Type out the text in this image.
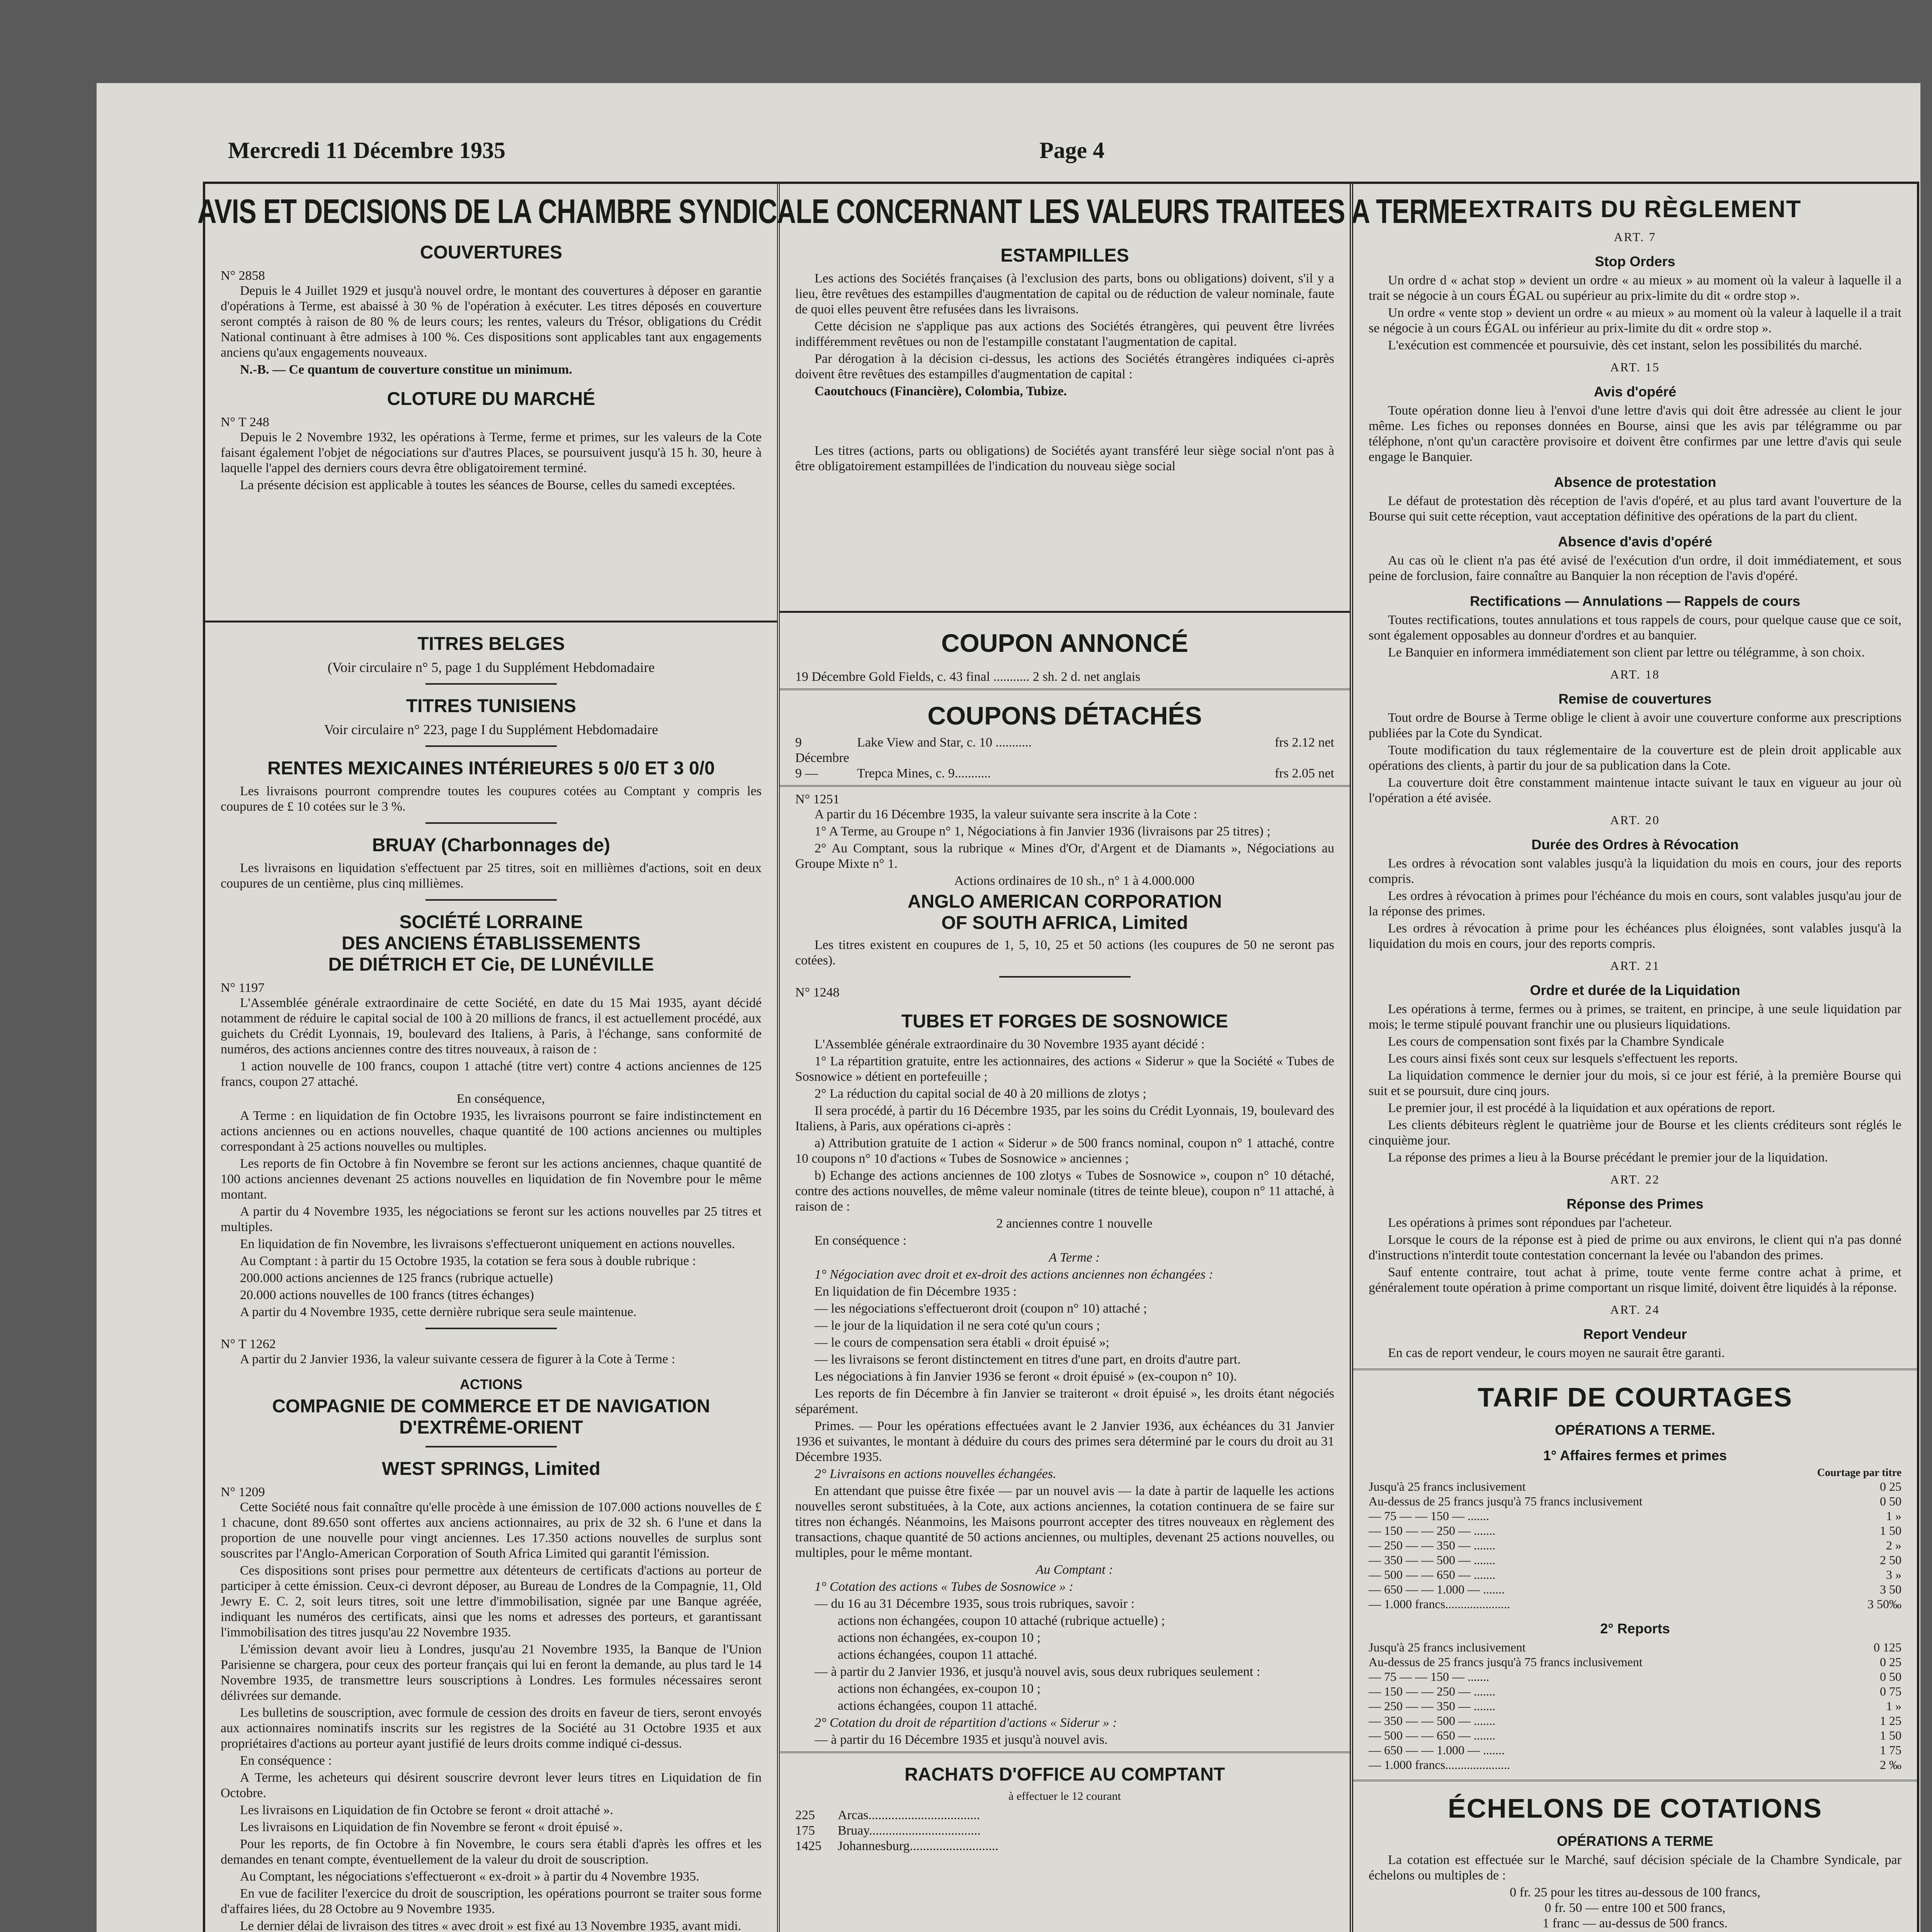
Mercredi 11 Décembre 1935	Page 4
AVIS ET DECISIONS DE LA CHAMBRE SYNDICALE CONCERNANT LES VALEURS TRAITEES A TERME
COUVERTURES
N° 2858

Depuis le 4 Juillet 1929 et jusqu'à nouvel ordre, le montant des couvertures à déposer en garantie d'opérations à Terme, est abaissé à 30 % de l'opération à exécuter. Les titres déposés en couverture seront comptés à raison de 80 % de leurs cours; les rentes, valeurs du Trésor, obligations du Crédit National continuant à être admises à 100 %. Ces dispositions sont applicables tant aux engagements anciens qu'aux engagements nouveaux.

N.-B. — Ce quantum de couverture constitue un minimum.

CLOTURE DU MARCHÉ
N° T 248

Depuis le 2 Novembre 1932, les opérations à Terme, ferme et primes, sur les valeurs de la Cote faisant également l'objet de négociations sur d'autres Places, se poursuivent jusqu'à 15 h. 30, heure à laquelle l'appel des derniers cours devra être obligatoirement terminé.

La présente décision est applicable à toutes les séances de Bourse, celles du samedi exceptées.

TITRES BELGES
(Voir circulaire n° 5, page 1 du Supplément Hebdomadaire
TITRES TUNISIENS
Voir circulaire n° 223, page I du Supplément Hebdomadaire
RENTES MEXICAINES INTÉRIEURES 5 0/0 ET 3 0/0

Les livraisons pourront comprendre toutes les coupures cotées au Comptant y compris les coupures de £ 10 cotées sur le 3 %.

BRUAY (Charbonnages de)

Les livraisons en liquidation s'effectuent par 25 titres, soit en millièmes d'actions, soit en deux coupures de un centième, plus cinq millièmes.

SOCIÉTÉ LORRAINE
DES ANCIENS ÉTABLISSEMENTS
DE DIÉTRICH ET Cie, DE LUNÉVILLE
N° 1197

L'Assemblée générale extraordinaire de cette Société, en date du 15 Mai 1935, ayant décidé notamment de réduire le capital social de 100 à 20 millions de francs, il est actuellement procédé, aux guichets du Crédit Lyonnais, 19, boulevard des Italiens, à Paris, à l'échange, sans conformité de numéros, des actions anciennes contre des titres nouveaux, à raison de :

1 action nouvelle de 100 francs, coupon 1 attaché (titre vert) contre 4 actions anciennes de 125 francs, coupon 27 attaché.

En conséquence,

A Terme : en liquidation de fin Octobre 1935, les livraisons pourront se faire indistinctement en actions anciennes ou en actions nouvelles, chaque quantité de 100 actions anciennes ou multiples correspondant à 25 actions nouvelles ou multiples.

Les reports de fin Octobre à fin Novembre se feront sur les actions anciennes, chaque quantité de 100 actions anciennes devenant 25 actions nouvelles en liquidation de fin Novembre pour le même montant.

A partir du 4 Novembre 1935, les négociations se feront sur les actions nouvelles par 25 titres et multiples.

En liquidation de fin Novembre, les livraisons s'effectueront uniquement en actions nouvelles.

Au Comptant : à partir du 15 Octobre 1935, la cotation se fera sous à double rubrique :

200.000 actions anciennes de 125 francs (rubrique actuelle)

20.000 actions nouvelles de 100 francs (titres échanges)

A partir du 4 Novembre 1935, cette dernière rubrique sera seule maintenue.

N° T 1262

A partir du 2 Janvier 1936, la valeur suivante cessera de figurer à la Cote à Terme :

ACTIONS
COMPAGNIE DE COMMERCE ET DE NAVIGATION D'EXTRÊME-ORIENT
WEST SPRINGS, Limited
N° 1209

Cette Société nous fait connaître qu'elle procède à une émission de 107.000 actions nouvelles de £ 1 chacune, dont 89.650 sont offertes aux anciens actionnaires, au prix de 32 sh. 6 l'une et dans la proportion de une nouvelle pour vingt anciennes. Les 17.350 actions nouvelles de surplus sont souscrites par l'Anglo-American Corporation of South Africa Limited qui garantit l'émission.

Ces dispositions sont prises pour permettre aux détenteurs de certificats d'actions au porteur de participer à cette émission. Ceux-ci devront déposer, au Bureau de Londres de la Compagnie, 11, Old Jewry E. C. 2, soit leurs titres, soit une lettre d'immobilisation, signée par une Banque agréée, indiquant les numéros des certificats, ainsi que les noms et adresses des porteurs, et garantissant l'immobilisation des titres jusqu'au 22 Novembre 1935.

L'émission devant avoir lieu à Londres, jusqu'au 21 Novembre 1935, la Banque de l'Union Parisienne se chargera, pour ceux des porteur français qui lui en feront la demande, au plus tard le 14 Novembre 1935, de transmettre leurs souscriptions à Londres. Les formules nécessaires seront délivrées sur demande.

Les bulletins de souscription, avec formule de cession des droits en faveur de tiers, seront envoyés aux actionnaires nominatifs inscrits sur les registres de la Société au 31 Octobre 1935 et aux propriétaires d'actions au porteur ayant justifié de leurs droits comme indiqué ci-dessus.

En conséquence :

A Terme, les acheteurs qui désirent souscrire devront lever leurs titres en Liquidation de fin Octobre.

Les livraisons en Liquidation de fin Octobre se feront « droit attaché ».

Les livraisons en Liquidation de fin Novembre se feront « droit épuisé ».

Pour les reports, de fin Octobre à fin Novembre, le cours sera établi d'après les offres et les demandes en tenant compte, éventuellement de la valeur du droit de souscription.

Au Comptant, les négociations s'effectueront « ex-droit » à partir du 4 Novembre 1935.

En vue de faciliter l'exercice du droit de souscription, les opérations pourront se traiter sous forme d'affaires liées, du 28 Octobre au 9 Novembre 1935.

Le dernier délai de livraison des titres « avec droit » est fixé au 13 Novembre 1935, avant midi.

ESTAMPILLES

Les actions des Sociétés françaises (à l'exclusion des parts, bons ou obligations) doivent, s'il y a lieu, être revêtues des estampilles d'augmentation de capital ou de réduction de valeur nominale, faute de quoi elles peuvent être refusées dans les livraisons.

Cette décision ne s'applique pas aux actions des Sociétés étrangères, qui peuvent être livrées indifféremment revêtues ou non de l'estampille constatant l'augmentation de capital.

Par dérogation à la décision ci-dessus, les actions des Sociétés étrangères indiquées ci-après doivent être revêtues des estampilles d'augmentation de capital :

Caoutchoucs (Financière), Colombia, Tubize.

Les titres (actions, parts ou obligations) de Sociétés ayant transféré leur siège social n'ont pas à être obligatoirement estampillées de l'indication du nouveau siège social

COUPON ANNONCÉ
19 Décembre Gold Fields, c. 43 final ........... 2 sh. 2 d. net anglais
COUPONS DÉTACHÉS
9 Décembre
Lake View and Star, c. 10 ...........	frs 2.12 net
9 —	Trepca Mines, c. 9...........	frs 2.05 net
N° 1251

A partir du 16 Décembre 1935, la valeur suivante sera inscrite à la Cote :

1° A Terme, au Groupe n° 1, Négociations à fin Janvier 1936 (livraisons par 25 titres) ;

2° Au Comptant, sous la rubrique « Mines d'Or, d'Argent et de Diamants », Négociations au Groupe Mixte n° 1.

Actions ordinaires de 10 sh., n° 1 à 4.000.000

ANGLO AMERICAN CORPORATION
OF SOUTH AFRICA, Limited

Les titres existent en coupures de 1, 5, 10, 25 et 50 actions (les coupures de 50 ne seront pas cotées).

N° 1248
TUBES ET FORGES DE SOSNOWICE

L'Assemblée générale extraordinaire du 30 Novembre 1935 ayant décidé :

1° La répartition gratuite, entre les actionnaires, des actions « Siderur » que la Société « Tubes de Sosnowice » détient en portefeuille ;

2° La réduction du capital social de 40 à 20 millions de zlotys ;

Il sera procédé, à partir du 16 Décembre 1935, par les soins du Crédit Lyonnais, 19, boulevard des Italiens, à Paris, aux opérations ci-après :

a) Attribution gratuite de 1 action « Siderur » de 500 francs nominal, coupon n° 1 attaché, contre 10 coupons n° 10 d'actions « Tubes de Sosnowice » anciennes ;

b) Echange des actions anciennes de 100 zlotys « Tubes de Sosnowice », coupon n° 10 détaché, contre des actions nouvelles, de même valeur nominale (titres de teinte bleue), coupon n° 11 attaché, à raison de :

2 anciennes contre 1 nouvelle

En conséquence :

A Terme :

1° Négociation avec droit et ex-droit des actions anciennes non échangées :

En liquidation de fin Décembre 1935 :

— les négociations s'effectueront droit (coupon n° 10) attaché ;

— le jour de la liquidation il ne sera coté qu'un cours ;

— le cours de compensation sera établi « droit épuisé »;

— les livraisons se feront distinctement en titres d'une part, en droits d'autre part.

Les négociations à fin Janvier 1936 se feront « droit épuisé » (ex-coupon n° 10).

Les reports de fin Décembre à fin Janvier se traiteront « droit épuisé », les droits étant négociés séparément.

Primes. — Pour les opérations effectuées avant le 2 Janvier 1936, aux échéances du 31 Janvier 1936 et suivantes, le montant à déduire du cours des primes sera déterminé par le cours du droit au 31 Décembre 1935.

2° Livraisons en actions nouvelles échangées.

En attendant que puisse être fixée — par un nouvel avis — la date à partir de laquelle les actions nouvelles seront substituées, à la Cote, aux actions anciennes, la cotation continuera de se faire sur titres non échangés. Néanmoins, les Maisons pourront accepter des titres nouveaux en règlement des transactions, chaque quantité de 50 actions anciennes, ou multiples, devenant 25 actions nouvelles, ou multiples, pour le même montant.

Au Comptant :

1° Cotation des actions « Tubes de Sosnowice » :

— du 16 au 31 Décembre 1935, sous trois rubriques, savoir :

actions non échangées, coupon 10 attaché (rubrique actuelle) ;

actions non échangées, ex-coupon 10 ;

actions échangées, coupon 11 attaché.

— à partir du 2 Janvier 1936, et jusqu'à nouvel avis, sous deux rubriques seulement :

actions non échangées, ex-coupon 10 ;

actions échangées, coupon 11 attaché.

2° Cotation du droit de répartition d'actions « Siderur » :

— à partir du 16 Décembre 1935 et jusqu'à nouvel avis.

RACHATS D'OFFICE AU COMPTANT
à effectuer le 12 courant
225	Arcas..................................
175	Bruay..................................
1425	Johannesburg...........................
EXTRAITS DU RÈGLEMENT
ART. 7
Stop Orders

Un ordre d « achat stop » devient un ordre « au mieux » au moment où la valeur à laquelle il a trait se négocie à un cours ÉGAL ou supérieur au prix-limite du dit « ordre stop ».

Un ordre « vente stop » devient un ordre « au mieux » au moment où la valeur à laquelle il a trait se négocie à un cours ÉGAL ou inférieur au prix-limite du dit « ordre stop ».

L'exécution est commencée et poursuivie, dès cet instant, selon les possibilités du marché.

ART. 15
Avis d'opéré

Toute opération donne lieu à l'envoi d'une lettre d'avis qui doit être adressée au client le jour même. Les fiches ou reponses données en Bourse, ainsi que les avis par télégramme ou par téléphone, n'ont qu'un caractère provisoire et doivent être confirmes par une lettre d'avis qui seule engage le Banquier.

Absence de protestation

Le défaut de protestation dès réception de l'avis d'opéré, et au plus tard avant l'ouverture de la Bourse qui suit cette réception, vaut acceptation définitive des opérations de la part du client.

Absence d'avis d'opéré

Au cas où le client n'a pas été avisé de l'exécution d'un ordre, il doit immédiatement, et sous peine de forclusion, faire connaître au Banquier la non réception de l'avis d'opéré.

Rectifications — Annulations — Rappels de cours

Toutes rectifications, toutes annulations et tous rappels de cours, pour quelque cause que ce soit, sont également opposables au donneur d'ordres et au banquier.

Le Banquier en informera immédiatement son client par lettre ou télégramme, à son choix.

ART. 18
Remise de couvertures

Tout ordre de Bourse à Terme oblige le client à avoir une couverture conforme aux prescriptions publiées par la Cote du Syndicat.

Toute modification du taux réglementaire de la couverture est de plein droit applicable aux opérations des clients, à partir du jour de sa publication dans la Cote.

La couverture doit être constamment maintenue intacte suivant le taux en vigueur au jour où l'opération a été avisée.

ART. 20
Durée des Ordres à Révocation

Les ordres à révocation sont valables jusqu'à la liquidation du mois en cours, jour des reports compris.

Les ordres à révocation à primes pour l'échéance du mois en cours, sont valables jusqu'au jour de la réponse des primes.

Les ordres à révocation à prime pour les échéances plus éloignées, sont valables jusqu'à la liquidation du mois en cours, jour des reports compris.

ART. 21
Ordre et durée de la Liquidation

Les opérations à terme, fermes ou à primes, se traitent, en principe, à une seule liquidation par mois; le terme stipulé pouvant franchir une ou plusieurs liquidations.

Les cours de compensation sont fixés par la Chambre Syndicale

Les cours ainsi fixés sont ceux sur lesquels s'effectuent les reports.

La liquidation commence le dernier jour du mois, si ce jour est férié, à la première Bourse qui suit et se poursuit, dure cinq jours.

Le premier jour, il est procédé à la liquidation et aux opérations de report.

Les clients débiteurs règlent le quatrième jour de Bourse et les clients créditeurs sont réglés le cinquième jour.

La réponse des primes a lieu à la Bourse précédant le premier jour de la liquidation.

ART. 22
Réponse des Primes

Les opérations à primes sont répondues par l'acheteur.

Lorsque le cours de la réponse est à pied de prime ou aux environs, le client qui n'a pas donné d'instructions n'interdit toute contestation concernant la levée ou l'abandon des primes.

Sauf entente contraire, tout achat à prime, toute vente ferme contre achat à prime, et généralement toute opération à prime comportant un risque limité, doivent être liquidés à la réponse.

ART. 24
Report Vendeur

En cas de report vendeur, le cours moyen ne saurait être garanti.

TARIF DE COURTAGES
OPÉRATIONS A TERME.
1° Affaires fermes et primes
Courtage par titre
Jusqu'à 25 francs inclusivement	0 25
Au-dessus de 25 francs jusqu'à 75 francs inclusivement	0 50
— 75 — — 150 — .......	1 »
— 150 — — 250 — .......	1 50
— 250 — — 350 — .......	2 »
— 350 — — 500 — .......	2 50
— 500 — — 650 — .......	3 »
— 650 — — 1.000 — .......	3 50
— 1.000 francs.....................	3 50‰
2° Reports
Jusqu'à 25 francs inclusivement	0 125
Au-dessus de 25 francs jusqu'à 75 francs inclusivement	0 25
— 75 — — 150 — .......	0 50
— 150 — — 250 — .......	0 75
— 250 — — 350 — .......	1 »
— 350 — — 500 — .......	1 25
— 500 — — 650 — .......	1 50
— 650 — — 1.000 — .......	1 75
— 1.000 francs.....................	2 ‰
ÉCHELONS DE COTATIONS
OPÉRATIONS A TERME

La cotation est effectuée sur le Marché, sauf décision spéciale de la Chambre Syndicale, par échelons ou multiples de :

0 fr. 25 pour les titres au-dessous de 100 francs,
0 fr. 50 — entre 100 et 500 francs,
1 franc — au-dessus de 500 francs.
